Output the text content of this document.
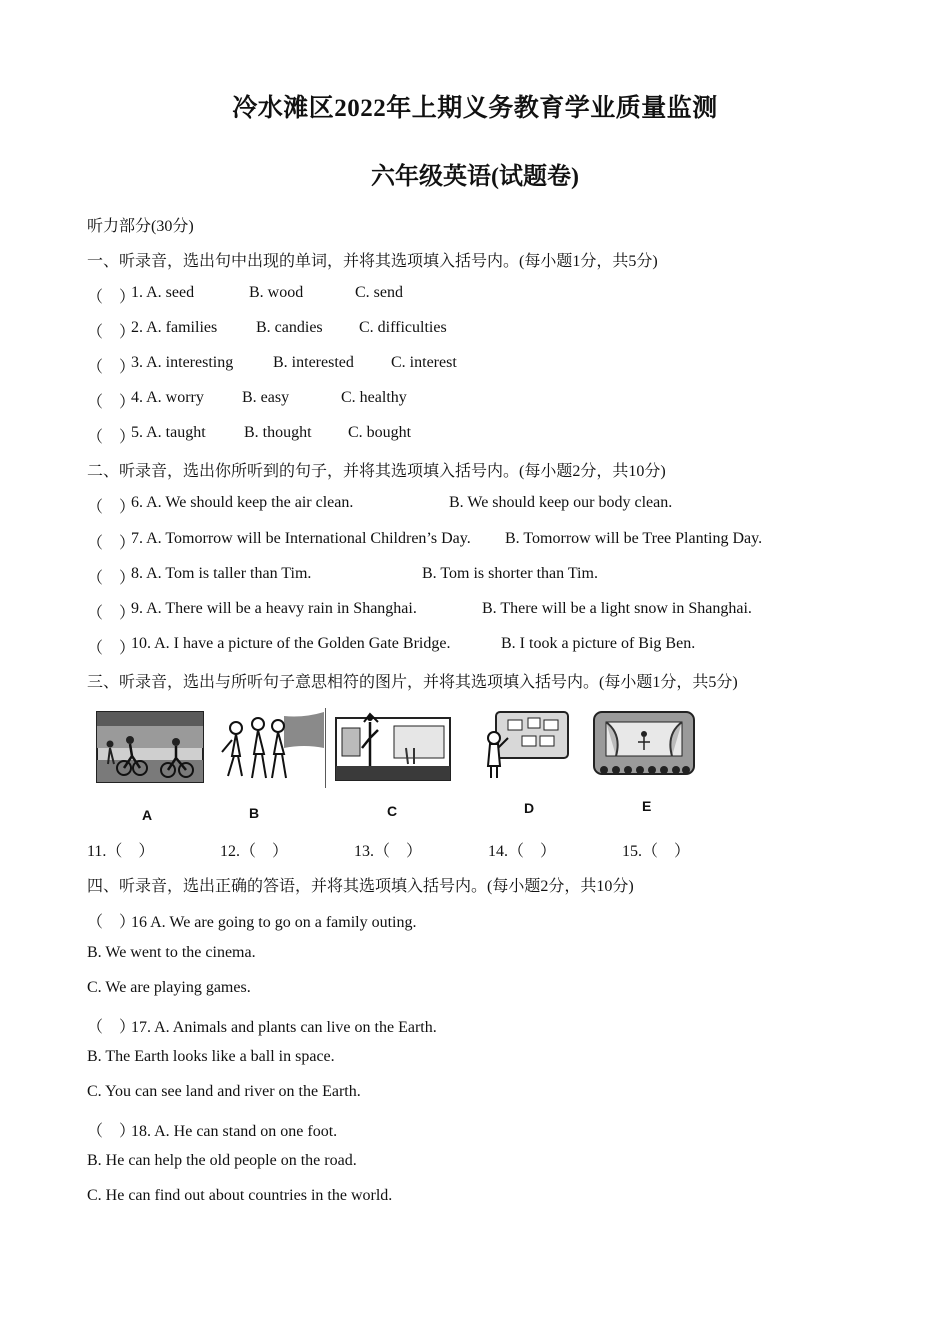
冷水滩区2022年上期义务教育学业质量监测
六年级英语(试题卷)
听力部分(30分)
一、听录音，选出句中出现的单词，并将其选项填入括号内。(每小题1分，共5分)
（　）
1. A. seed	B. wood	C. send
（　）
2. A. families B. candies C. difficulties
（　）
3. A. interesting B. interested C. interest
（　）
4. A. worry B. easy	C. healthy
（　）
5. A. taught B. thought C. bought
二、听录音，选出你所听到的句子，并将其选项填入括号内。(每小题2分，共10分)
（　）
6. A. We should keep the air clean.	B. We should keep our body clean.
（　）
7. A. Tomorrow will be International Children’s Day. B. Tomorrow will be Tree Planting Day.
（　）
8. A. Tom is taller than Tim.	B. Tom is shorter than Tim.
（　）
9. A. There will be a heavy rain in Shanghai.	B. There will be a light snow in Shanghai.
（　）
10. A. I have a picture of the Golden Gate Bridge.	B. I took a picture of Big Ben.
三、听录音，选出与所听句子意思相符的图片，并将其选项填入括号内。(每小题1分，共5分)
A	B	C	D	E
11.（　）	12.（　）	13.（　）	14.（　）	15.（　）
四、听录音，选出正确的答语，并将其选项填入括号内。(每小题2分，共10分)
（　）16 A. We are going to go on a family outing.
B. We went to the cinema.
C. We are playing games.
（　）17. A. Animals and plants can live on the Earth.
B. The Earth looks like a ball in space.
C. You can see land and river on the Earth.
（　）18. A. He can stand on one foot.
B. He can help the old people on the road.
C. He can find out about countries in the world.
